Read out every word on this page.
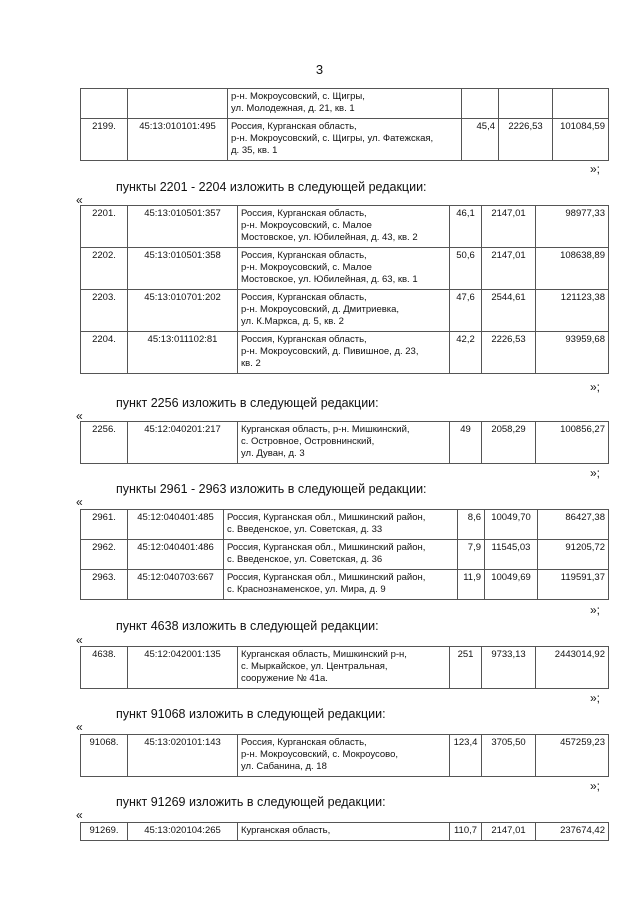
3

		р-н. Мокроусовский, с. Щигры,
ул. Молодежная, д. 21, кв. 1			

2199.	45:13:010101:495	Россия, Курганская область,
р-н. Мокроусовский, с. Щигры, ул. Фатежская,
д. 35, кв. 1	45,4	2226,53	101084,59
»;
пункты 2201 - 2204 изложить в следующей редакции:
«
2201.	45:13:010501:357	Россия, Курганская область,
р-н. Мокроусовский, с. Малое
Мостовское, ул. Юбилейная, д. 43, кв. 2	46,1	2147,01	98977,33
2202.	45:13:010501:358	Россия, Курганская область,
р-н. Мокроусовский, с. Малое
Мостовское, ул. Юбилейная, д. 63, кв. 1	50,6	2147,01	108638,89
2203.	45:13:010701:202	Россия, Курганская область,
р-н. Мокроусовский, д. Дмитриевка,
ул. К.Маркса, д. 5, кв. 2	47,6	2544,61	121123,38
2204.	45:13:011102:81	Россия, Курганская область,
р-н. Мокроусовский, д. Пивишное, д. 23,
кв. 2	42,2	2226,53	93959,68
»;
пункт 2256 изложить в следующей редакции:
«
2256.	45:12:040201:217	Курганская область, р-н. Мишкинский,
с. Островное, Островнинский,
ул. Дуван, д. 3
	49	2058,29	100856,27
»;
пункты 2961 - 2963 изложить в следующей редакции:
«
2961.	45:12:040401:485	Россия, Курганская обл., Мишкинский район,
с. Введенское, ул. Советская, д. 33	8,6	10049,70	86427,38
2962.	45:12:040401:486	Россия, Курганская обл., Мишкинский район,
с. Введенское, ул. Советская, д. 36	7,9	11545,03	91205,72
2963.	45:12:040703:667	Россия, Курганская обл., Мишкинский район,
с. Краснознаменское, ул. Мира, д. 9	11,9	10049,69	119591,37
»;
пункт 4638 изложить в следующей редакции:
«
4638.	45:12:042001:135	Курганская область, Мишкинский р-н,
с. Мыркайское, ул. Центральная,
сооружение № 41а.
	251	9733,13	2443014,92
»;
пункт 91068 изложить в следующей редакции:
«
91068.	45:13:020101:143	Россия, Курганская область,
р-н. Мокроусовский, с. Мокроусово,
ул. Сабанина, д. 18
	123,4	3705,50	457259,23
»;
пункт 91269 изложить в следующей редакции:
«
91269.	45:13:020104:265	Курганская область,	110,7	2147,01	237674,42
